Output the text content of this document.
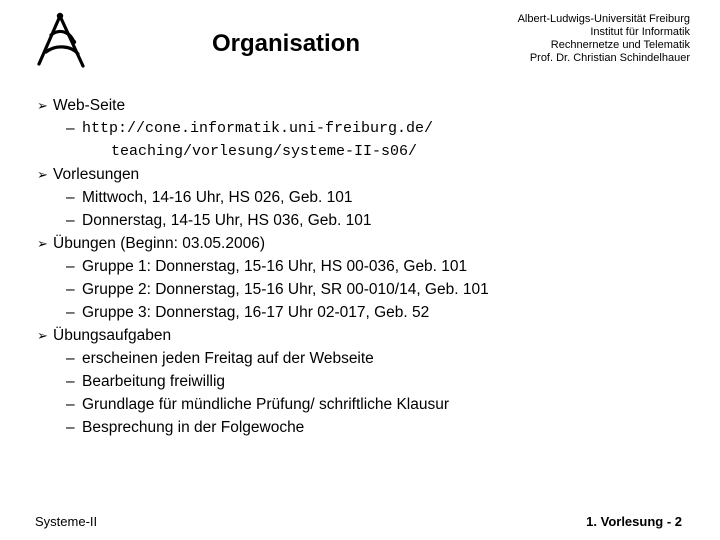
Organisation
Albert-Ludwigs-Universität Freiburg
Institut für Informatik
Rechnernetze und Telematik
Prof. Dr. Christian Schindelhauer
➢ Web-Seite
– http://cone.informatik.uni-freiburg.de/
teaching/vorlesung/systeme-II-s06/
➢ Vorlesungen
– Mittwoch, 14-16 Uhr, HS 026, Geb. 101
– Donnerstag, 14-15 Uhr, HS 036, Geb. 101
➢ Übungen (Beginn: 03.05.2006)
– Gruppe 1: Donnerstag, 15-16 Uhr, HS 00-036, Geb. 101
– Gruppe 2: Donnerstag, 15-16 Uhr, SR 00-010/14, Geb. 101
– Gruppe 3: Donnerstag, 16-17 Uhr 02-017, Geb. 52
➢ Übungsaufgaben
– erscheinen jeden Freitag auf der Webseite
– Bearbeitung freiwillig
– Grundlage für mündliche Prüfung/ schriftliche Klausur
– Besprechung in der Folgewoche
Systeme-II	1. Vorlesung - 2
